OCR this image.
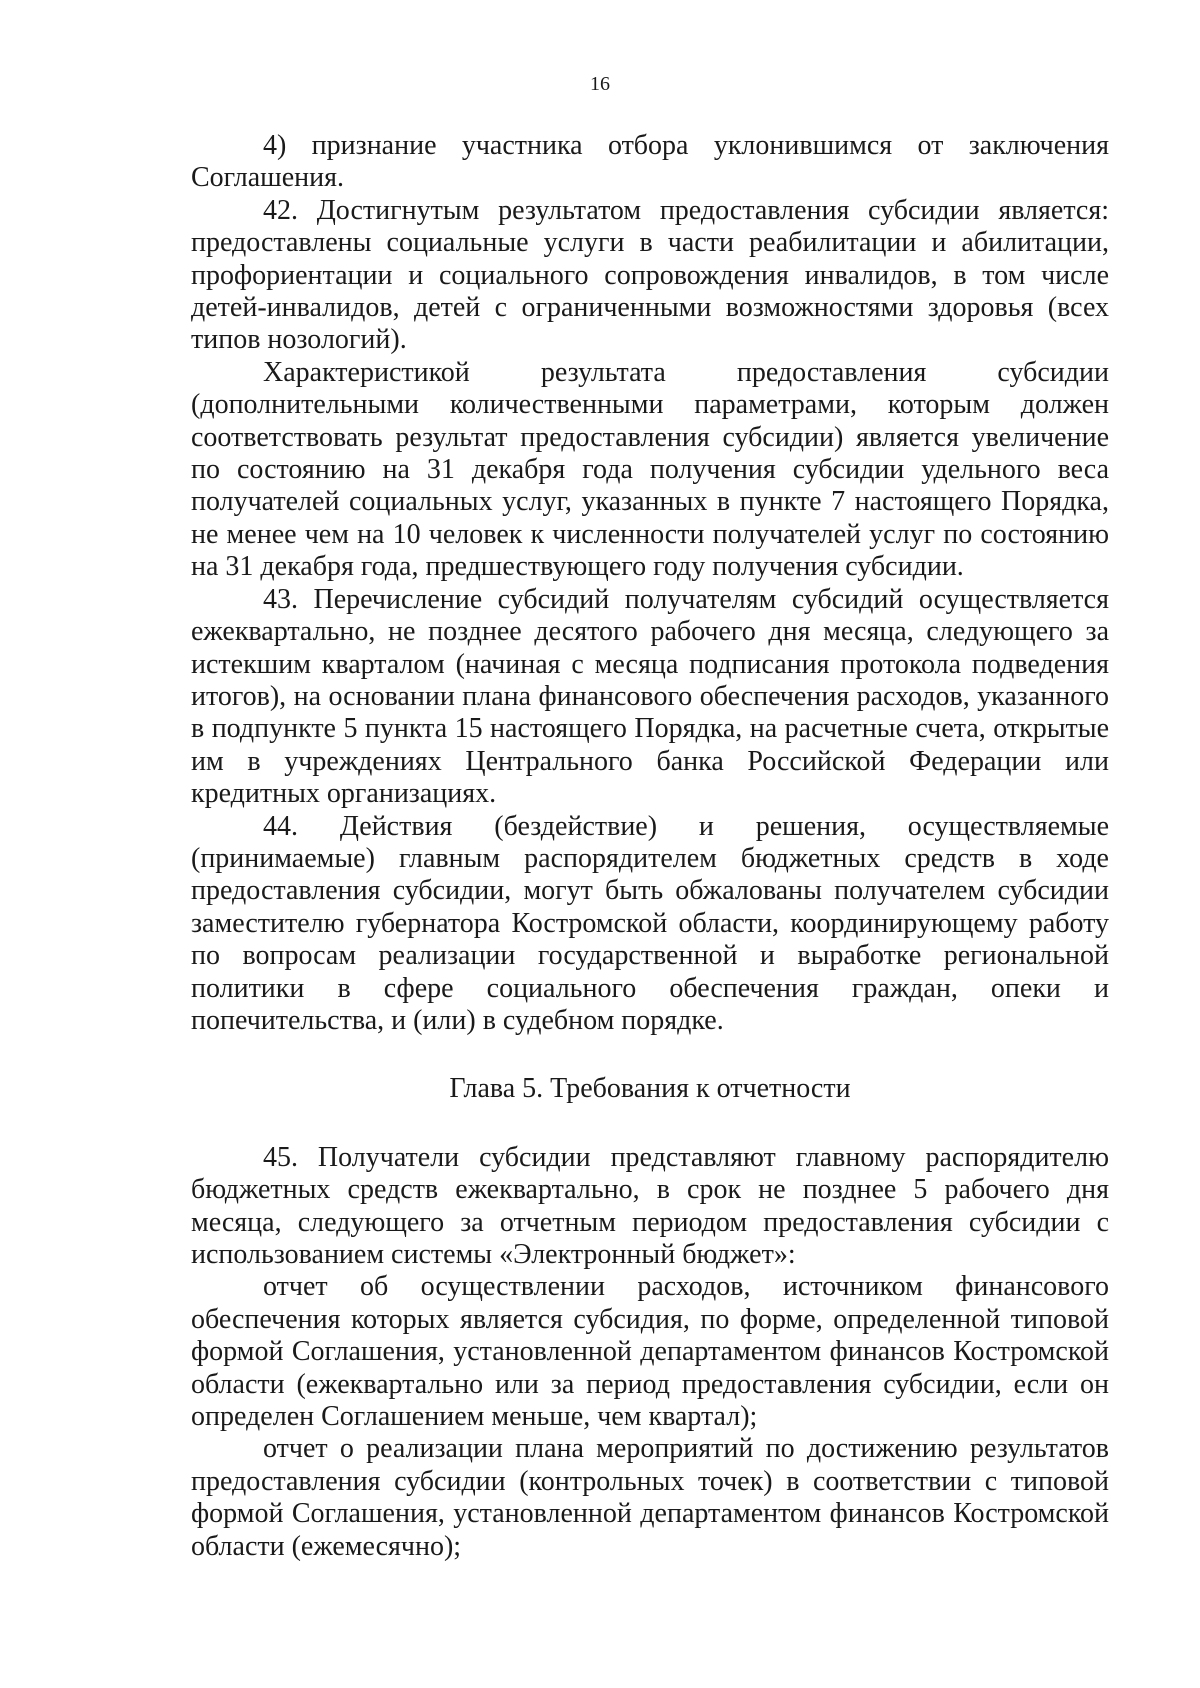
16

4) признание участника отбора уклонившимся от заключения Соглашения.

42. Достигнутым результатом предоставления субсидии является: предоставлены социальные услуги в части реабилитации и абилитации, профориентации и социального сопровождения инвалидов, в том числе детей-инвалидов, детей с ограниченными возможностями здоровья (всех типов нозологий).

Характеристикой результата предоставления субсидии (дополнительными количественными параметрами, которым должен соответствовать результат предоставления субсидии) является увеличение по состоянию на 31 декабря года получения субсидии удельного веса получателей социальных услуг, указанных в пункте 7 настоящего Порядка, не менее чем на 10 человек к численности получателей услуг по состоянию на 31 декабря года, предшествующего году получения субсидии.

43. Перечисление субсидий получателям субсидий осуществляется ежеквартально, не позднее десятого рабочего дня месяца, следующего за истекшим кварталом (начиная с месяца подписания протокола подведения итогов), на основании плана финансового обеспечения расходов, указанного в подпункте 5 пункта 15 настоящего Порядка, на расчетные счета, открытые им в учреждениях Центрального банка Российской Федерации или кредитных организациях.

44. Действия (бездействие) и решения, осуществляемые (принимаемые) главным распорядителем бюджетных средств в ходе предоставления субсидии, могут быть обжалованы получателем субсидии заместителю губернатора Костромской области, координирующему работу по вопросам реализации государственной и выработке региональной политики в сфере социального обеспечения граждан, опеки и попечительства, и (или) в судебном порядке.

Глава 5. Требования к отчетности

45. Получатели субсидии представляют главному распорядителю бюджетных средств ежеквартально, в срок не позднее 5 рабочего дня месяца, следующего за отчетным периодом предоставления субсидии с использованием системы «Электронный бюджет»:

отчет об осуществлении расходов, источником финансового обеспечения которых является субсидия, по форме, определенной типовой формой Соглашения, установленной департаментом финансов Костромской области (ежеквартально или за период предоставления субсидии, если он определен Соглашением меньше, чем квартал);

отчет о реализации плана мероприятий по достижению результатов предоставления субсидии (контрольных точек) в соответствии с типовой формой Соглашения, установленной департаментом финансов Костромской области (ежемесячно);
